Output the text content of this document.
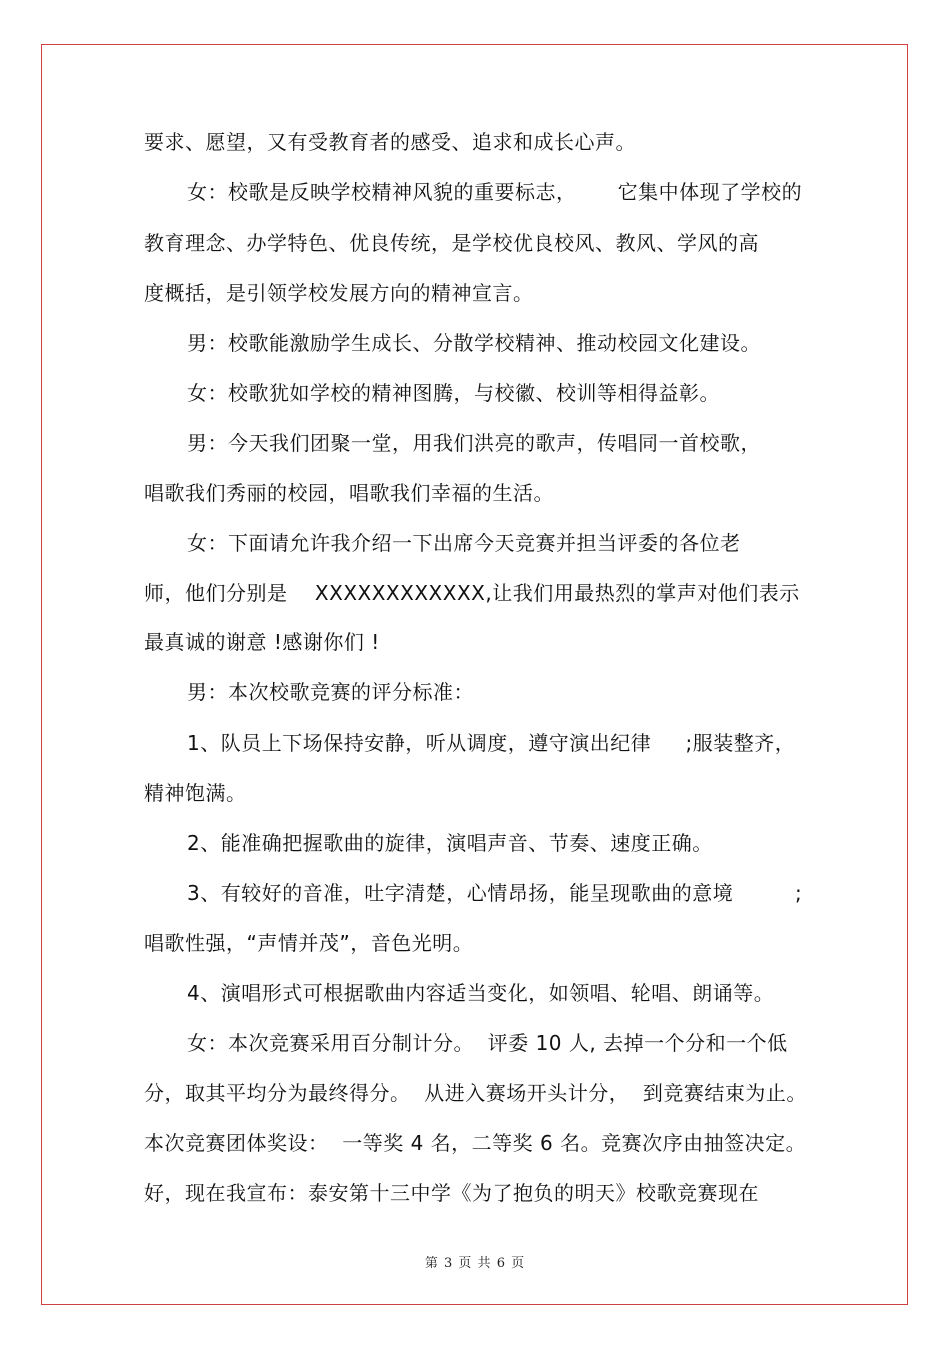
要求、愿望，又有受教育者的感受、追求和成长心声。
女：校歌是反映学校精神风貌的重要标志，      它集中体现了学校的
教育理念、办学特色、优良传统，是学校优良校风、教风、学风的高
度概括，是引领学校发展方向的精神宣言。
男：校歌能激励学生成长、分散学校精神、推动校园文化建设。
女：校歌犹如学校的精神图腾，与校徽、校训等相得益彰。
男：今天我们团聚一堂，用我们洪亮的歌声，传唱同一首校歌，
唱歌我们秀丽的校园，唱歌我们幸福的生活。
女：下面请允许我介绍一下出席今天竞赛并担当评委的各位老
师，他们分别是    XXXXXXXXXXXX,让我们用最热烈的掌声对他们表示
最真诚的谢意 !感谢你们 !
男：本次校歌竞赛的评分标准：
1、队员上下场保持安静，听从调度，遵守演出纪律     ;服装整齐，
精神饱满。
2、能准确把握歌曲的旋律，演唱声音、节奏、速度正确。
3、有较好的音准，吐字清楚，心情昂扬，能呈现歌曲的意境         ;
唱歌性强，“声情并茂”，音色光明。
4、演唱形式可根据歌曲内容适当变化，如领唱、轮唱、朗诵等。
女：本次竞赛采用百分制计分。  评委 10 人, 去掉一个分和一个低
分，取其平均分为最终得分。  从进入赛场开头计分，  到竞赛结束为止。
本次竞赛团体奖设：  一等奖 4 名，二等奖 6 名。竞赛次序由抽签决定。
好，现在我宣布：泰安第十三中学《为了抱负的明天》校歌竞赛现在
第 3 页 共 6 页
